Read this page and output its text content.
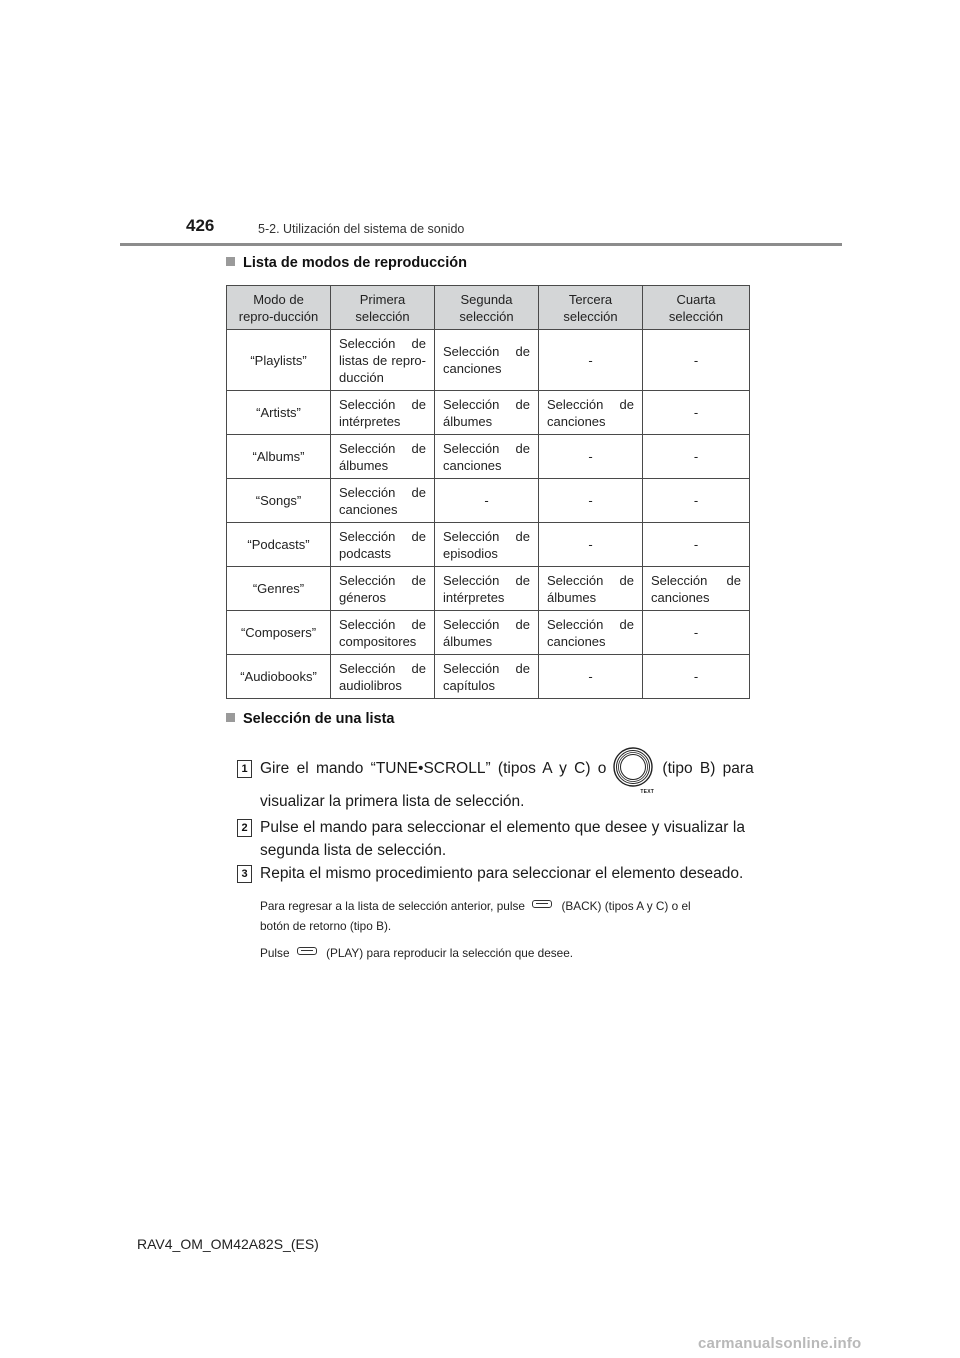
426	5-2. Utilización del sistema de sonido
Lista de modos de reproducción
Modo de repro-ducción	Primera selección	Segunda selección	Tercera selección	Cuarta selección
“Playlists”	Selección de listas de repro-ducción	Selección de canciones	-	-
“Artists”	Selección de intérpretes	Selección de álbumes	Selección de canciones	-
“Albums”	Selección de álbumes	Selección de canciones	-	-
“Songs”	Selección de canciones	-	-	-
“Podcasts”	Selección de podcasts	Selección de episodios	-	-
“Genres”	Selección de géneros	Selección de intérpretes	Selección de álbumes	Selección de canciones
“Composers”	Selección de compositores	Selección de álbumes	Selección de canciones	-
“Audiobooks”	Selección de audiolibros	Selección de capítulos	-	-
Selección de una lista
1 Gire el mando “TUNE•SCROLL” (tipos A y C) o
TEXT
(tipo B) para
visualizar la primera lista de selección.
2 Pulse el mando para seleccionar el elemento que desee y visualizar la segunda lista de selección.
3 Repita el mismo procedimiento para seleccionar el elemento deseado.
Para regresar a la lista de selección anterior, pulse	(BACK) (tipos A y C) o el
botón de retorno (tipo B).
Pulse	(PLAY) para reproducir la selección que desee.
RAV4_OM_OM42A82S_(ES)
carmanualsonline.info
